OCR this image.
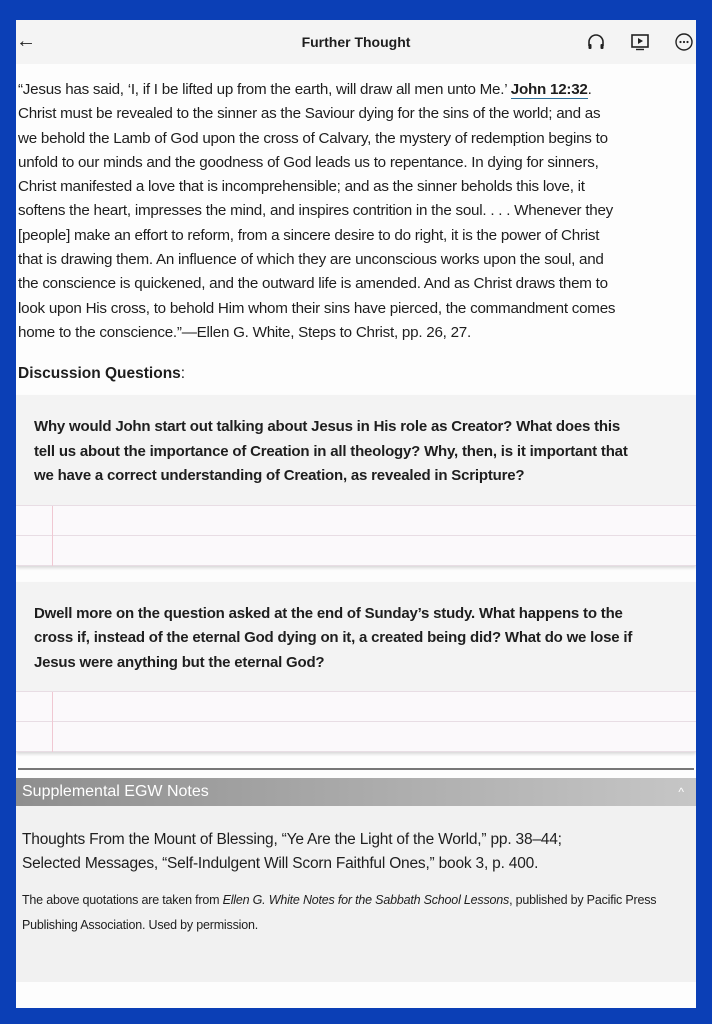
←	Further Thought
“Jesus has said, ‘I, if I be lifted up from the earth, will draw all men unto Me.’ John 12:32.
Christ must be revealed to the sinner as the Saviour dying for the sins of the world; and as
we behold the Lamb of God upon the cross of Calvary, the mystery of redemption begins to
unfold to our minds and the goodness of God leads us to repentance. In dying for sinners,
Christ manifested a love that is incomprehensible; and as the sinner beholds this love, it
softens the heart, impresses the mind, and inspires contrition in the soul. . . . Whenever they
[people] make an effort to reform, from a sincere desire to do right, it is the power of Christ
that is drawing them. An influence of which they are unconscious works upon the soul, and
the conscience is quickened, and the outward life is amended. And as Christ draws them to
look upon His cross, to behold Him whom their sins have pierced, the commandment comes
home to the conscience.”—Ellen G. White, Steps to Christ, pp. 26, 27.
Discussion Questions:
Why would John start out talking about Jesus in His role as Creator? What does this
tell us about the importance of Creation in all theology? Why, then, is it important that
we have a correct understanding of Creation, as revealed in Scripture?
Dwell more on the question asked at the end of Sunday’s study. What happens to the
cross if, instead of the eternal God dying on it, a created being did? What do we lose if
Jesus were anything but the eternal God?
Supplemental EGW Notes	^
Thoughts From the Mount of Blessing, “Ye Are the Light of the World,” pp. 38–44;
Selected Messages, “Self-Indulgent Will Scorn Faithful Ones,” book 3, p. 400.
The above quotations are taken from Ellen G. White Notes for the Sabbath School Lessons, published by Pacific Press Publishing Association. Used by permission.
